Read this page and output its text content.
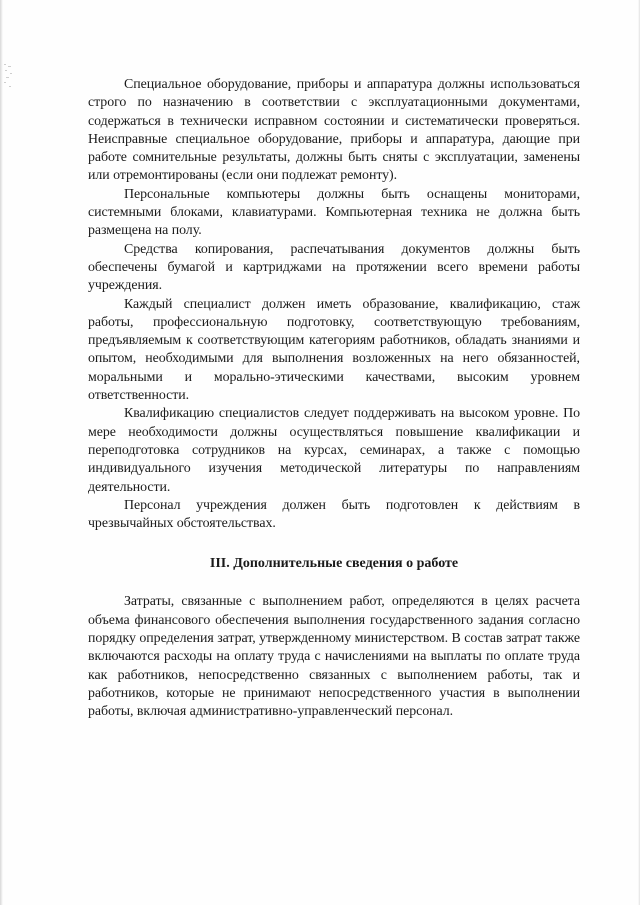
Специальное оборудование, приборы и аппаратура должны использоваться строго по назначению в соответствии с эксплуатационными документами, содержаться в технически исправном состоянии и систематически проверяться. Неисправные специальное оборудование, приборы и аппаратура, дающие при работе сомнительные результаты, должны быть сняты с эксплуатации, заменены или отремонтированы (если они подлежат ремонту).

Персональные компьютеры должны быть оснащены мониторами, системными блоками, клавиатурами. Компьютерная техника не должна быть размещена на полу.

Средства копирования, распечатывания документов должны быть обеспечены бумагой и картриджами на протяжении всего времени работы учреждения.

Каждый специалист должен иметь образование, квалификацию, стаж работы, профессиональную подготовку, соответствующую требованиям, предъявляемым к соответствующим категориям работников, обладать знаниями и опытом, необходимыми для выполнения возложенных на него обязанностей, моральными и морально-этическими качествами, высоким уровнем ответственности.

Квалификацию специалистов следует поддерживать на высоком уровне. По мере необходимости должны осуществляться повышение квалификации и переподготовка сотрудников на курсах, семинарах, а также с помощью индивидуального изучения методической литературы по направлениям деятельности.

Персонал учреждения должен быть подготовлен к действиям в чрезвычайных обстоятельствах.

III. Дополнительные сведения о работе

Затраты, связанные с выполнением работ, определяются в целях расчета объема финансового обеспечения выполнения государственного задания согласно порядку определения затрат, утвержденному министерством. В состав затрат также включаются расходы на оплату труда с начислениями на выплаты по оплате труда как работников, непосредственно связанных с выполнением работы, так и работников, которые не принимают непосредственного участия в выполнении работы, включая административно-управленческий персонал.
